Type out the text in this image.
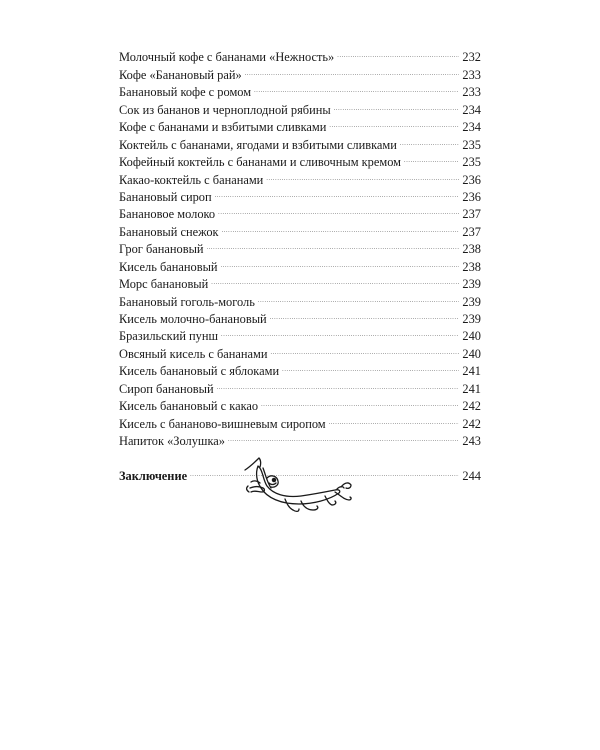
Молочный кофе с бананами «Нежность» . . .	232
Кофе «Банановый рай» . . .	233
Банановый кофе с ромом . . .	233
Сок из бананов и черноплодной рябины . . .	234
Кофе с бананами и взбитыми сливками . . .	234
Коктейль с бананами, ягодами и взбитыми сливками . . .	235
Кофейный коктейль с бананами и сливочным кремом . . .	235
Какао-коктейль с бананами . . .	236
Банановый сироп . . .	236
Банановое молоко . . .	237
Банановый снежок . . .	237
Грог банановый . . .	238
Кисель банановый . . .	238
Морс банановый . . .	239
Банановый гоголь-моголь . . .	239
Кисель молочно-банановый . . .	239
Бразильский пунш . . .	240
Овсяный кисель с бананами . . .	240
Кисель банановый с яблоками . . .	241
Сироп банановый . . .	241
Кисель банановый с какао . . .	242
Кисель с бананово-вишневым сиропом . . .	242
Напиток «Золушка» . . .	243
Заключение . . .	244
